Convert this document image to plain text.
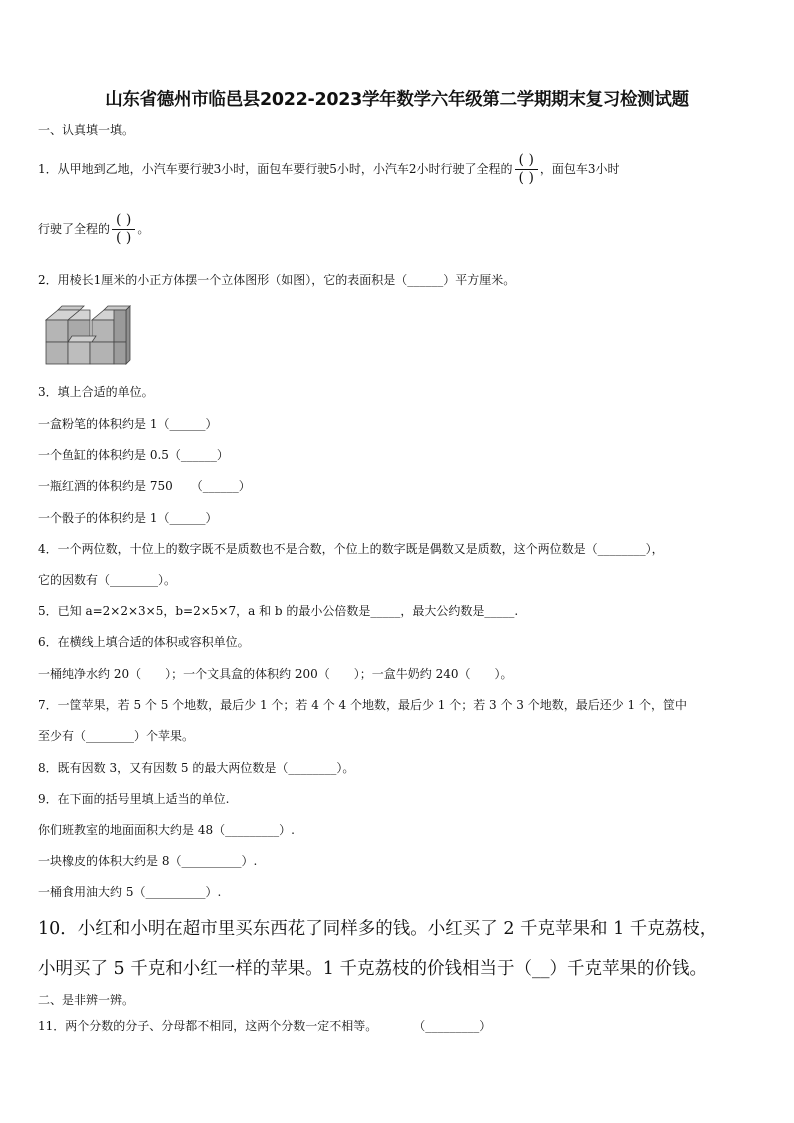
山东省德州市临邑县2022-2023学年数学六年级第二学期期末复习检测试题
一、认真填一填。
1．从甲地到乙地，小汽车要行驶3小时，面包车要行驶5小时，小汽车2小时行驶了全程的 $\frac{( )}{( )}$ ，面包车3小时
行驶了全程的 $\frac{( )}{( )}$ 。
2．用棱长1厘米的小正方体摆一个立体图形（如图），它的表面积是（______）平方厘米。
3．填上合适的单位。
一盒粉笔的体积约是 1（______）
一个鱼缸的体积约是 0.5（______）
一瓶红酒的体积约是 750　　（______）
一个骰子的体积约是 1（______）
4．一个两位数，十位上的数字既不是质数也不是合数，个位上的数字既是偶数又是质数，这个两位数是（________），
它的因数有（________）。
5．已知 a=2×2×3×5，b=2×5×7，a 和 b 的最小公倍数是_____，最大公约数是_____.
6．在横线上填合适的体积或容积单位。
一桶纯净水约 20（　　）；一个文具盒的体积约 200（　　）；一盒牛奶约 240（　　）。
7．一筐苹果，若 5 个 5 个地数，最后少 1 个；若 4 个 4 个地数，最后少 1 个；若 3 个 3 个地数，最后还少 1 个，筐中
至少有（________）个苹果。
8．既有因数 3，又有因数 5 的最大两位数是（________）。
9．在下面的括号里填上适当的单位.
你们班教室的地面面积大约是 48（_________）.
一块橡皮的体积大约是 8（__________）.
一桶食用油大约 5（__________）.
10．小红和小明在超市里买东西花了同样多的钱。小红买了 2 千克苹果和 1 千克荔枝，
小明买了 5 千克和小红一样的苹果。1 千克荔枝的价钱相当于（__）千克苹果的价钱。
二、是非辨一辨。
11．两个分数的分子、分母都不相同，这两个分数一定不相等。　　　　（_________）
